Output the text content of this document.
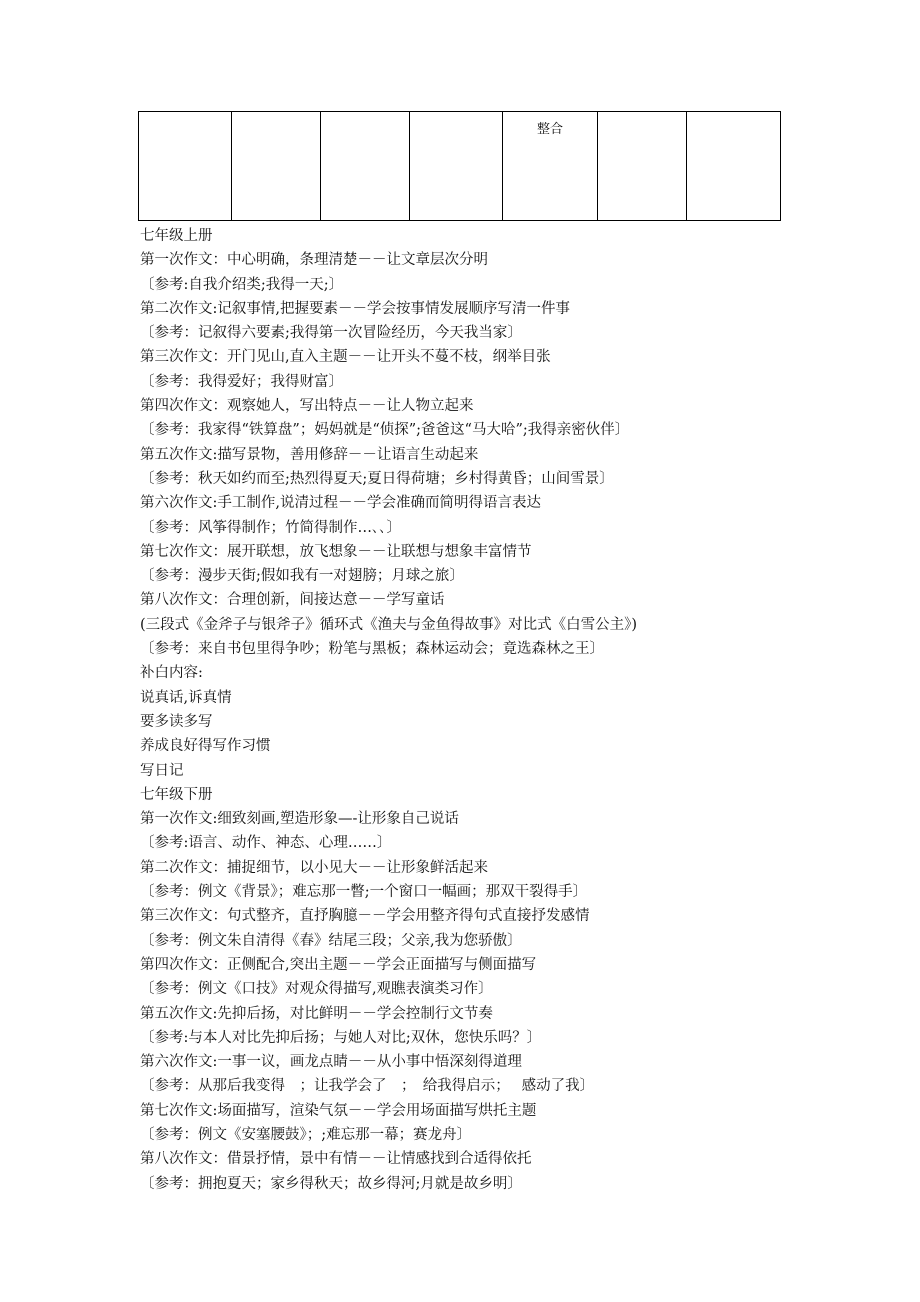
整合

七年级上册
第一次作文：中心明确，条理清楚－－让文章层次分明
〔参考:自我介绍类;我得一天;〕
第二次作文:记叙事情,把握要素－－学会按事情发展顺序写清一件事
〔参考：记叙得六要素;我得第一次冒险经历，今天我当家〕
第三次作文：开门见山,直入主题－－让开头不蔓不枝，纲举目张
〔参考：我得爱好；我得财富〕
第四次作文：观察她人，写出特点－－让人物立起来
〔参考：我家得“铁算盘”；妈妈就是“侦探”;爸爸这“马大哈”;我得亲密伙伴〕
第五次作文:描写景物，善用修辞－－让语言生动起来
〔参考：秋天如约而至;热烈得夏天;夏日得荷塘；乡村得黄昏；山间雪景〕
第六次作文:手工制作,说清过程－－学会准确而简明得语言表达
〔参考：风筝得制作；竹简得制作…､､〕
第七次作文：展开联想，放飞想象－－让联想与想象丰富情节
〔参考：漫步天街;假如我有一对翅膀；月球之旅〕
第八次作文：合理创新，间接达意－－学写童话
(三段式《金斧子与银斧子》循环式《渔夫与金鱼得故事》对比式《白雪公主》)
〔参考：来自书包里得争吵；粉笔与黑板；森林运动会；竟选森林之王〕
补白内容:
说真话,诉真情
要多读多写
养成良好得写作习惯
写日记
七年级下册
第一次作文:细致刻画,塑造形象—-让形象自己说话
〔参考:语言、动作、神态、心理……〕
第二次作文：捕捉细节，以小见大－－让形象鲜活起来
〔参考：例文《背景》；难忘那一瞥;一个窗口一幅画；那双干裂得手〕
第三次作文：句式整齐，直抒胸臆－－学会用整齐得句式直接抒发感情
〔参考：例文朱自清得《春》结尾三段；父亲,我为您骄傲〕
第四次作文：正侧配合,突出主题－－学会正面描写与侧面描写
〔参考：例文《口技》对观众得描写,观瞧表演类习作〕
第五次作文:先抑后扬，对比鲜明－－学会控制行文节奏
〔参考:与本人对比先抑后扬；与她人对比;双休，您快乐吗？〕
第六次作文:一事一议，画龙点睛－－从小事中悟深刻得道理
〔参考：从那后我变得　；让我学会了　；　给我得启示；　 感动了我〕
第七次作文:场面描写，渲染气氛－－学会用场面描写烘托主题
〔参考：例文《安塞腰鼓》；;难忘那一幕；赛龙舟〕
第八次作文：借景抒情，景中有情－－让情感找到合适得依托
〔参考：拥抱夏天；家乡得秋天；故乡得河;月就是故乡明〕
